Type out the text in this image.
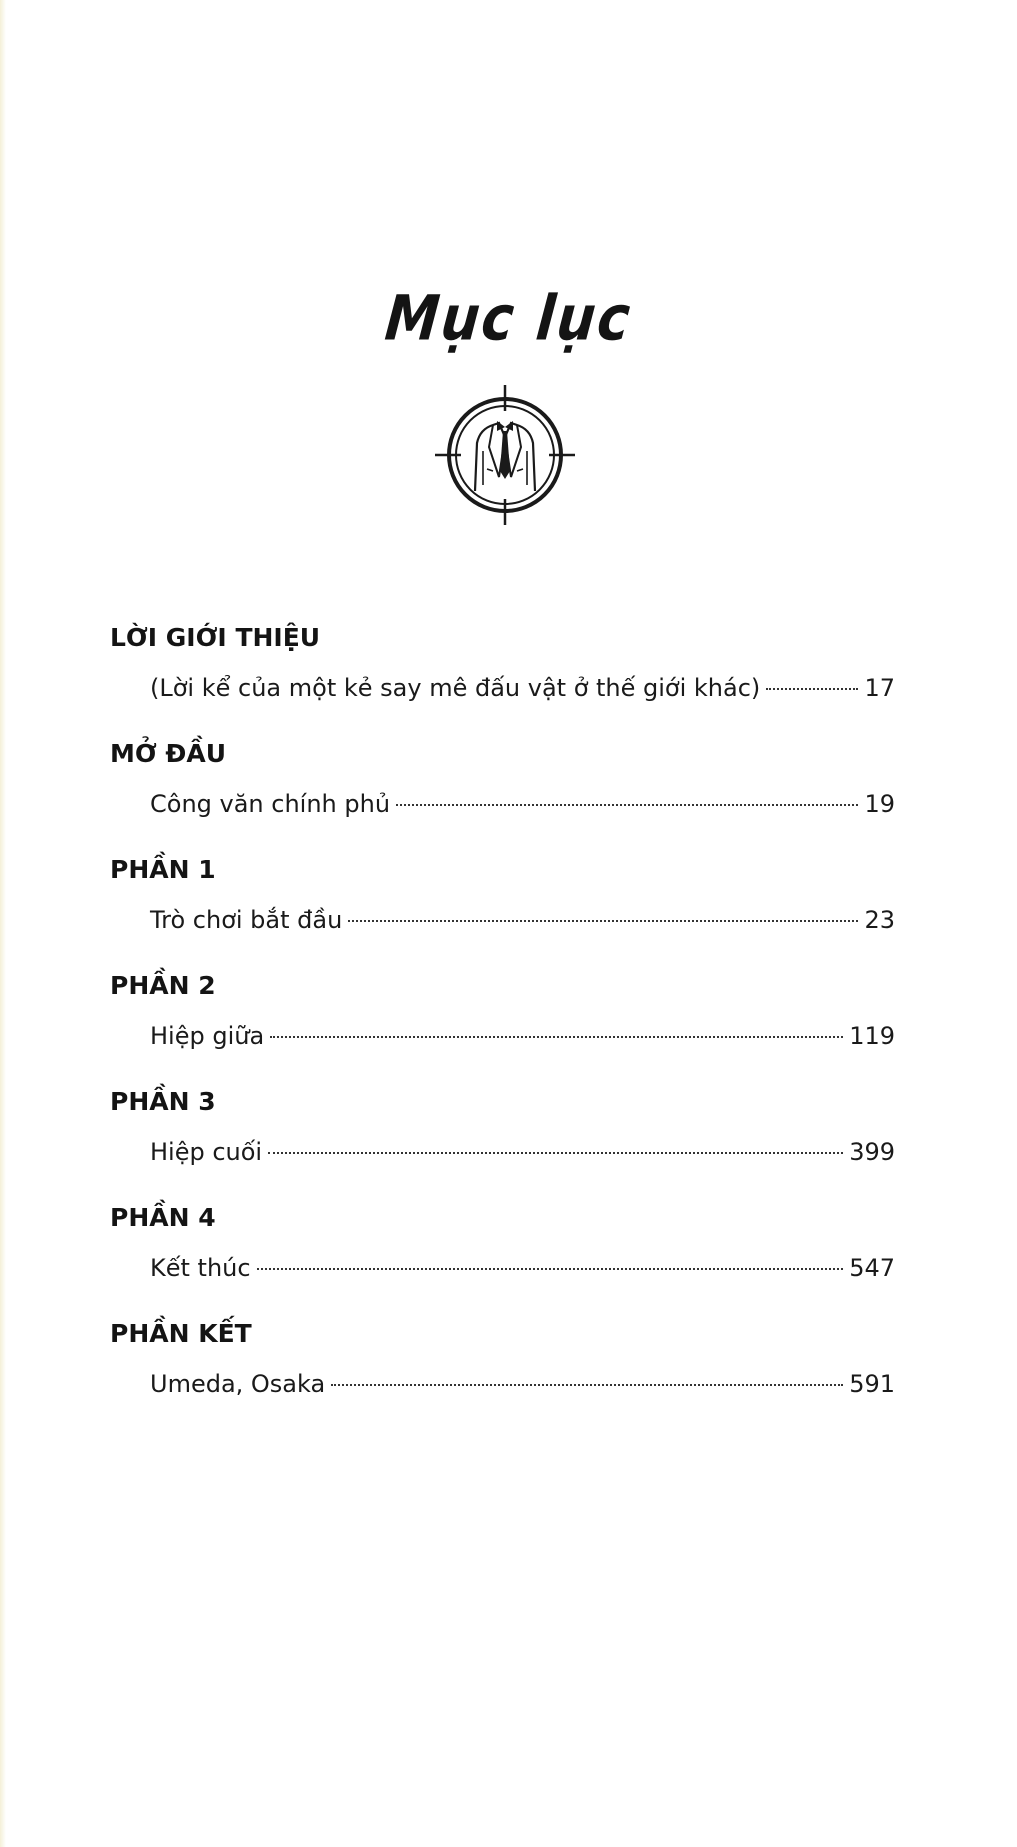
Mục lục
LỜI GIỚI THIỆU
(Lời kể của một kẻ say mê đấu vật ở thế giới khác)	17
MỞ ĐẦU
Công văn chính phủ	19
PHẦN 1
Trò chơi bắt đầu	23
PHẦN 2
Hiệp giữa	119
PHẦN 3
Hiệp cuối	399
PHẦN 4
Kết thúc	547
PHẦN KẾT
Umeda, Osaka	591
